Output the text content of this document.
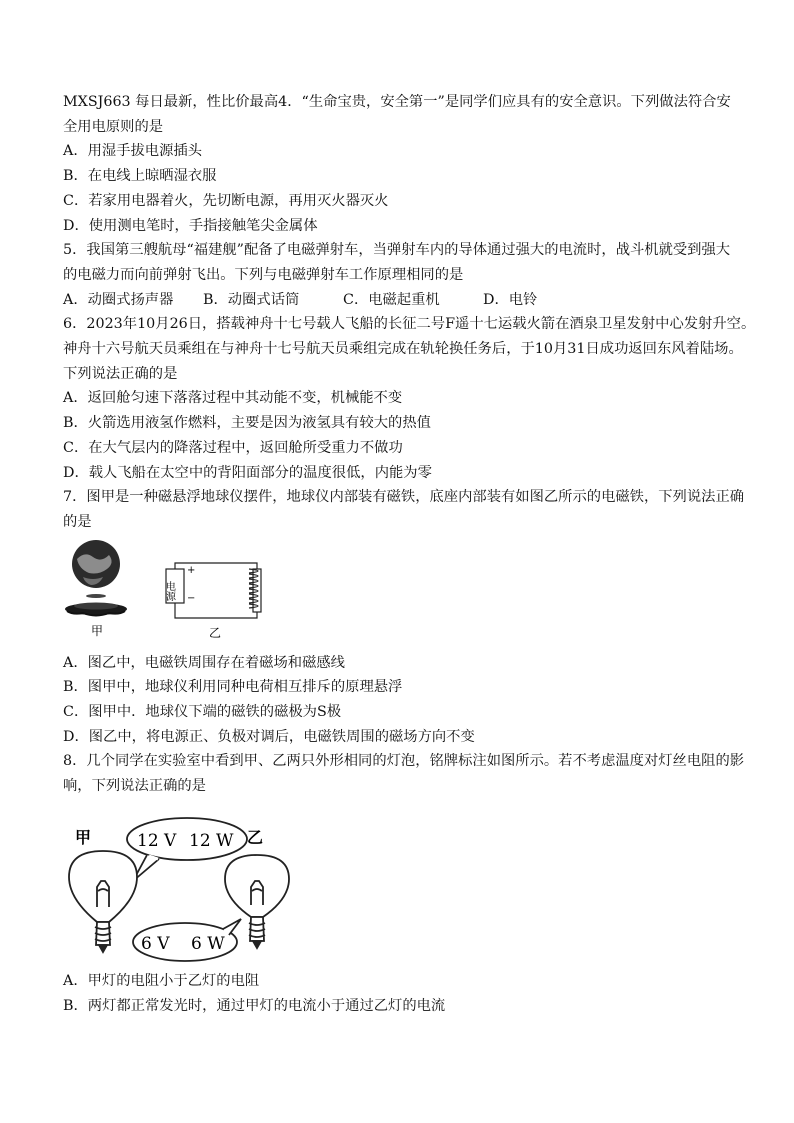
MXSJ663 每日最新，性比价最高4．“生命宝贵，安全第一”是同学们应具有的安全意识。下列做法符合安
全用电原则的是
A．用湿手拔电源插头
B．在电线上晾晒湿衣服
C．若家用电器着火，先切断电源，再用灭火器灭火
D．使用测电笔时，手指接触笔尖金属体
5．我国第三艘航母“福建舰”配备了电磁弹射车，当弹射车内的导体通过强大的电流时，战斗机就受到强大
的电磁力而向前弹射飞出。下列与电磁弹射车工作原理相同的是
A．动圈式扬声器	B．动圈式话筒	C．电磁起重机	D．电铃
6．2023年10月26日，搭载神舟十七号载人飞船的长征二号F遥十七运载火箭在酒泉卫星发射中心发射升空。
神舟十六号航天员乘组在与神舟十七号航天员乘组完成在轨轮换任务后，于10月31日成功返回东风着陆场。
下列说法正确的是
A．返回舱匀速下落落过程中其动能不变，机械能不变
B．火箭选用液氢作燃料，主要是因为液氢具有较大的热值
C．在大气层内的降落过程中，返回舱所受重力不做功
D．载人飞船在太空中的背阳面部分的温度很低，内能为零
7．图甲是一种磁悬浮地球仪摆件，地球仪内部装有磁铁，底座内部装有如图乙所示的电磁铁，下列说法正确
的是
甲
电源
+
−
乙
A．图乙中，电磁铁周围存在着磁场和磁感线
B．图甲中，地球仪利用同种电荷相互排斥的原理悬浮
C．图甲中．地球仪下端的磁铁的磁极为S极
D．图乙中，将电源正、负极对调后，电磁铁周围的磁场方向不变
8．几个同学在实验室中看到甲、乙两只外形相同的灯泡，铭牌标注如图所示。若不考虑温度对灯丝电阻的影
响，下列说法正确的是
甲	乙
12 V 12 W
6 V 6 W
A．甲灯的电阻小于乙灯的电阻
B．两灯都正常发光时，通过甲灯的电流小于通过乙灯的电流
